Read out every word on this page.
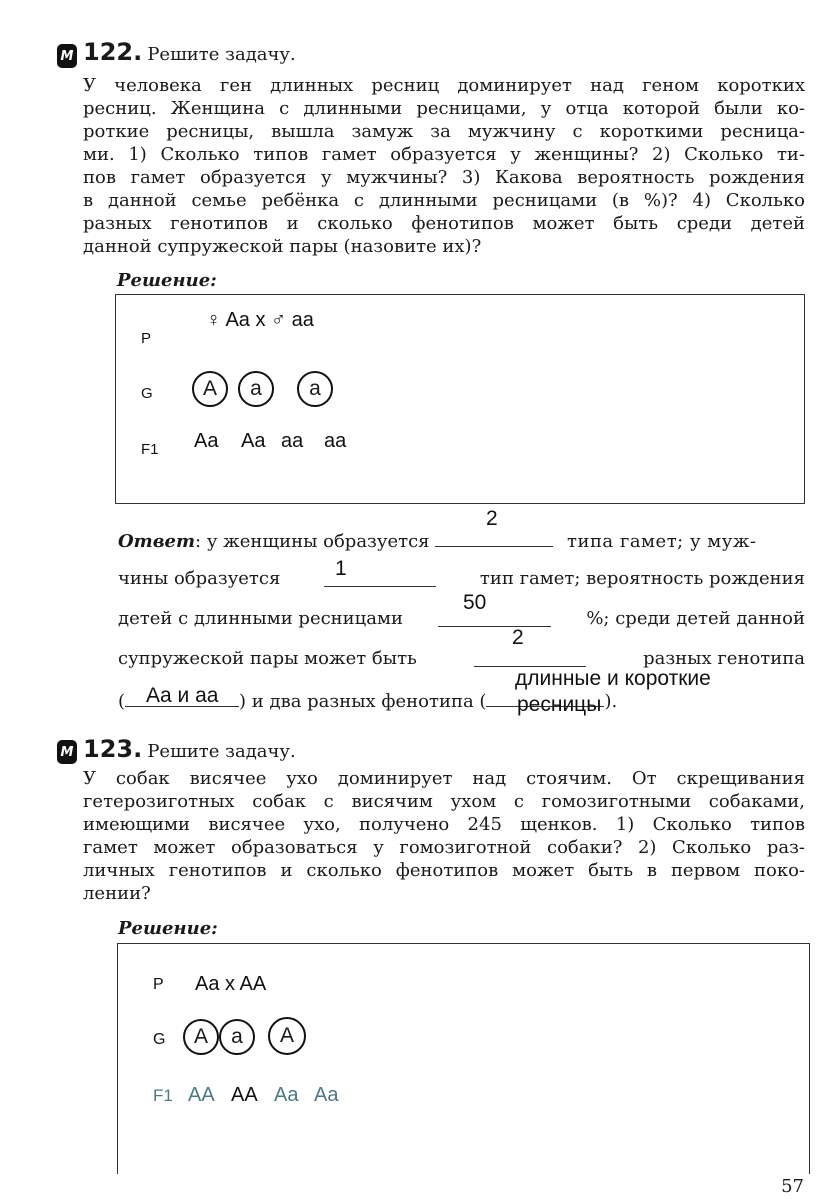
M 122. Решите задачу.
У человека ген длинных ресниц доминирует над геном коротких
ресниц. Женщина с длинными ресницами, у отца которой были ко-
роткие ресницы, вышла замуж за мужчину с короткими ресница-
ми. 1) Сколько типов гамет образуется у женщины? 2) Сколько ти-
пов гамет образуется у мужчины? 3) Какова вероятность рождения
в данной семье ребёнка с длинными ресницами (в %)? 4) Сколько
разных генотипов и сколько фенотипов может быть среди детей
данной супружеской пары (назовите их)?
Решение:
P
♀ Aa x ♂ aa
G	A	a	a
F1 Aa Aa aa aa
Ответ: у женщины образуется	типа гамет; у муж-
чины образуется	тип гамет; вероятность рождения
детей с длинными ресницами	%; среди детей данной
супружеской пары может быть	разных генотипа
(	) и два разных фенотипа (	).
2
1
50
2
Aa и aa
длинные и короткие
ресницы
M 123. Решите задачу.
У собак висячее ухо доминирует над стоячим. От скрещивания
гетерозиготных собак с висячим ухом с гомозиготными собаками,
имеющими висячее ухо, получено 245 щенков. 1) Сколько типов
гамет может образоваться у гомозиготной собаки? 2) Сколько раз-
личных генотипов и сколько фенотипов может быть в первом поко-
лении?
Решение:
P Aa x AA
G	A	a	A
F1 AA AA Aa Aa
57
